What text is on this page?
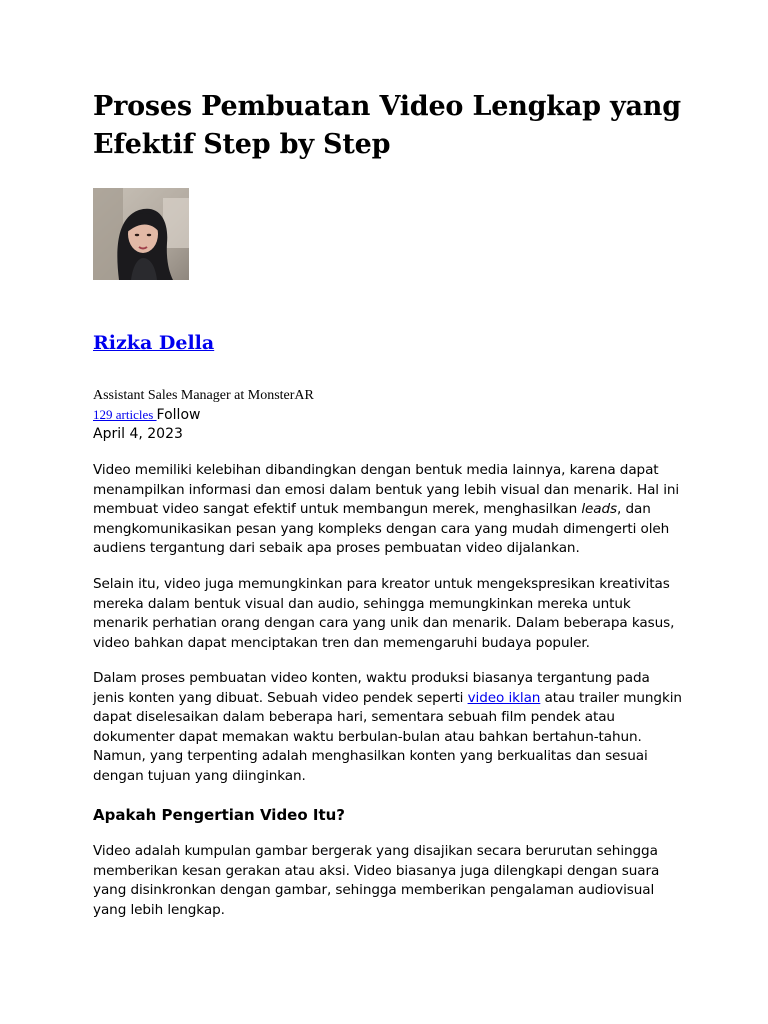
Proses Pembuatan Video Lengkap yang Efektif Step by Step
Rizka Della
Assistant Sales Manager at MonsterAR
129 articles Follow
April 4, 2023

Video memiliki kelebihan dibandingkan dengan bentuk media lainnya, karena dapat menampilkan informasi dan emosi dalam bentuk yang lebih visual dan menarik. Hal ini membuat video sangat efektif untuk membangun merek, menghasilkan leads, dan mengkomunikasikan pesan yang kompleks dengan cara yang mudah dimengerti oleh audiens tergantung dari sebaik apa proses pembuatan video dijalankan.

Selain itu, video juga memungkinkan para kreator untuk mengekspresikan kreativitas mereka dalam bentuk visual dan audio, sehingga memungkinkan mereka untuk menarik perhatian orang dengan cara yang unik dan menarik. Dalam beberapa kasus, video bahkan dapat menciptakan tren dan memengaruhi budaya populer.

Dalam proses pembuatan video konten, waktu produksi biasanya tergantung pada jenis konten yang dibuat. Sebuah video pendek seperti video iklan atau trailer mungkin dapat diselesaikan dalam beberapa hari, sementara sebuah film pendek atau dokumenter dapat memakan waktu berbulan-bulan atau bahkan bertahun-tahun. Namun, yang terpenting adalah menghasilkan konten yang berkualitas dan sesuai dengan tujuan yang diinginkan.

Apakah Pengertian Video Itu?

Video adalah kumpulan gambar bergerak yang disajikan secara berurutan sehingga memberikan kesan gerakan atau aksi. Video biasanya juga dilengkapi dengan suara yang disinkronkan dengan gambar, sehingga memberikan pengalaman audiovisual yang lebih lengkap.
